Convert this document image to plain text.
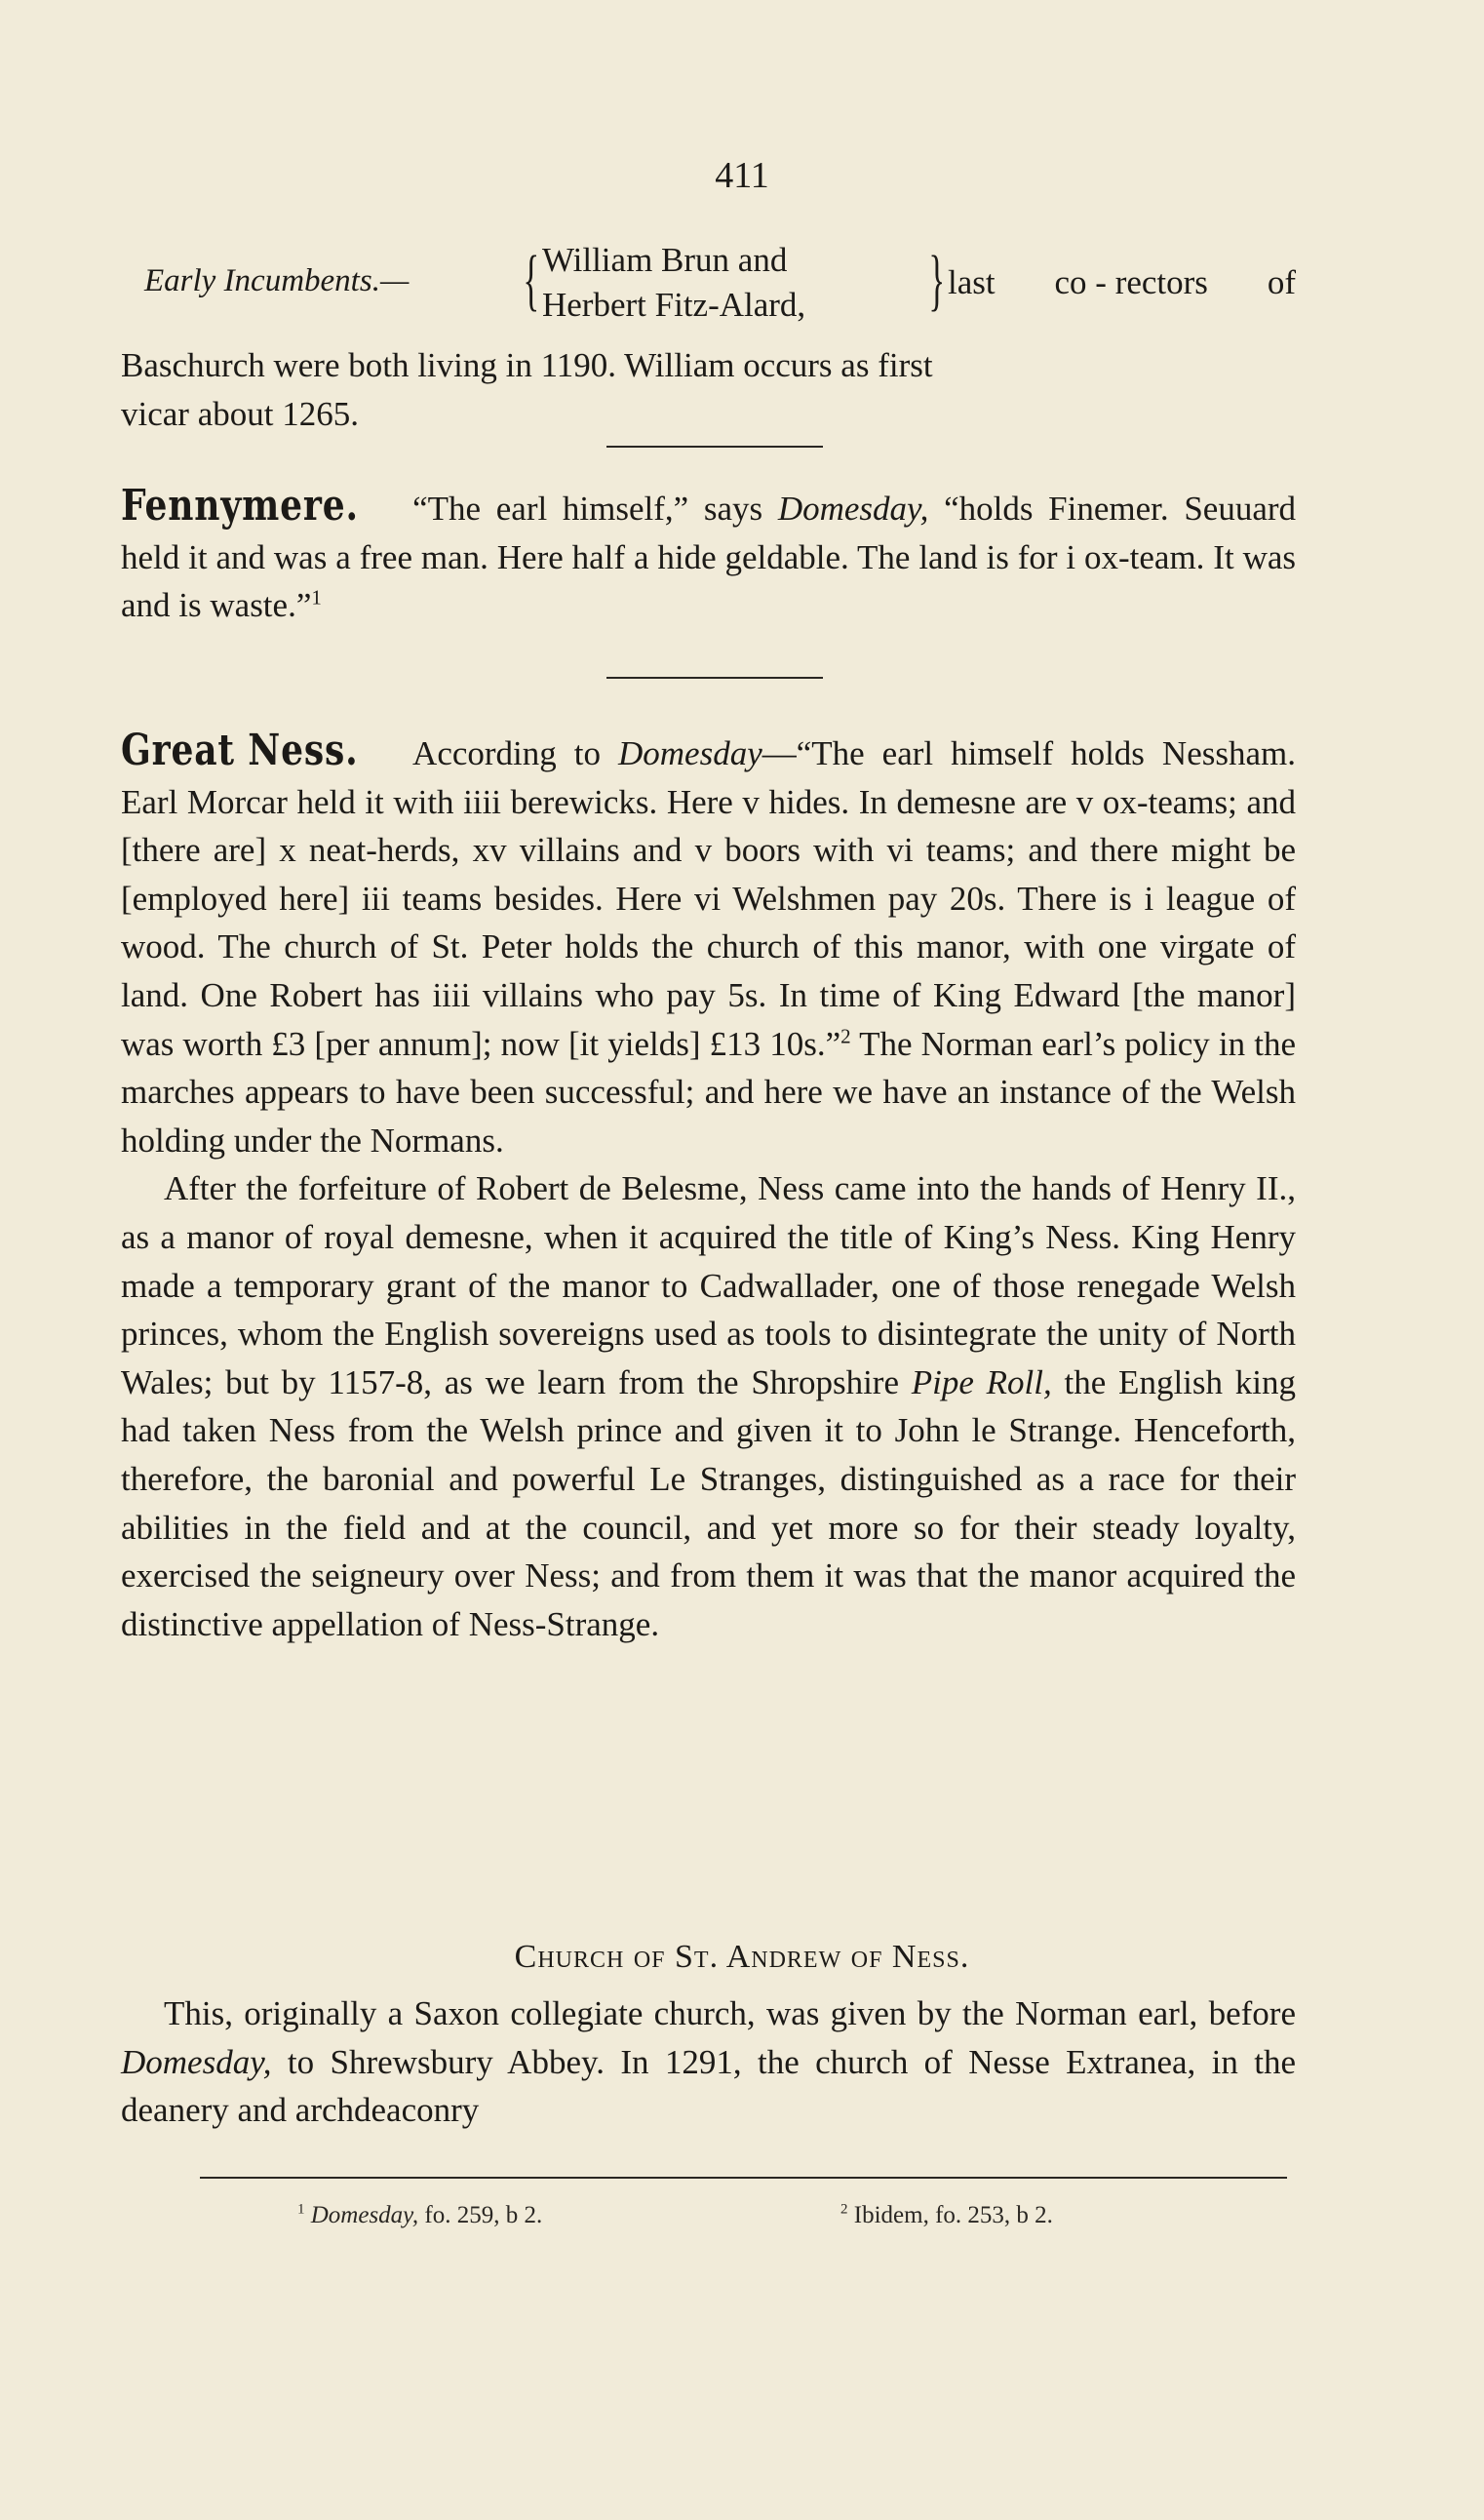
411
Early Incumbents.— { William Brun and
Herbert Fitz-Alard, } last co - rectors of

Baschurch were both living in 1190. William occurs as first
vicar about 1265.

Fennymere. “The earl himself,” says Domesday, “holds Finemer. Seuuard held it and was a free man. Here half a hide geldable. The land is for i ox-team. It was and is waste.”$^1$

Great Ness. According to Domesday—“The earl himself holds Nessham. Earl Morcar held it with iiii berewicks. Here v hides. In demesne are v ox-teams; and [there are] x neat-herds, xv villains and v boors with vi teams; and there might be [employed here] iii teams besides. Here vi Welshmen pay 20s. There is i league of wood. The church of St. Peter holds the church of this manor, with one virgate of land. One Robert has iiii villains who pay 5s. In time of King Edward [the manor] was worth £3 [per annum]; now [it yields] £13 10s.”$^2$ The Norman earl’s policy in the marches appears to have been successful; and here we have an instance of the Welsh holding under the Normans.

After the forfeiture of Robert de Belesme, Ness came into the hands of Henry II., as a manor of royal demesne, when it acquired the title of King’s Ness. King Henry made a temporary grant of the manor to Cadwallader, one of those renegade Welsh princes, whom the English sovereigns used as tools to disintegrate the unity of North Wales; but by 1157-8, as we learn from the Shropshire Pipe Roll, the English king had taken Ness from the Welsh prince and given it to John le Strange. Henceforth, therefore, the baronial and powerful Le Stranges, distinguished as a race for their abilities in the field and at the council, and yet more so for their steady loyalty, exercised the seigneury over Ness; and from them it was that the manor acquired the distinctive appellation of Ness-Strange.

Church of St. Andrew of Ness.

This, originally a Saxon collegiate church, was given by the Norman earl, before Domesday, to Shrewsbury Abbey. In 1291, the church of Nesse Extranea, in the deanery and archdeaconry

$^1$ Domesday, fo. 259, b 2.	$^2$ Ibidem, fo. 253, b 2.
